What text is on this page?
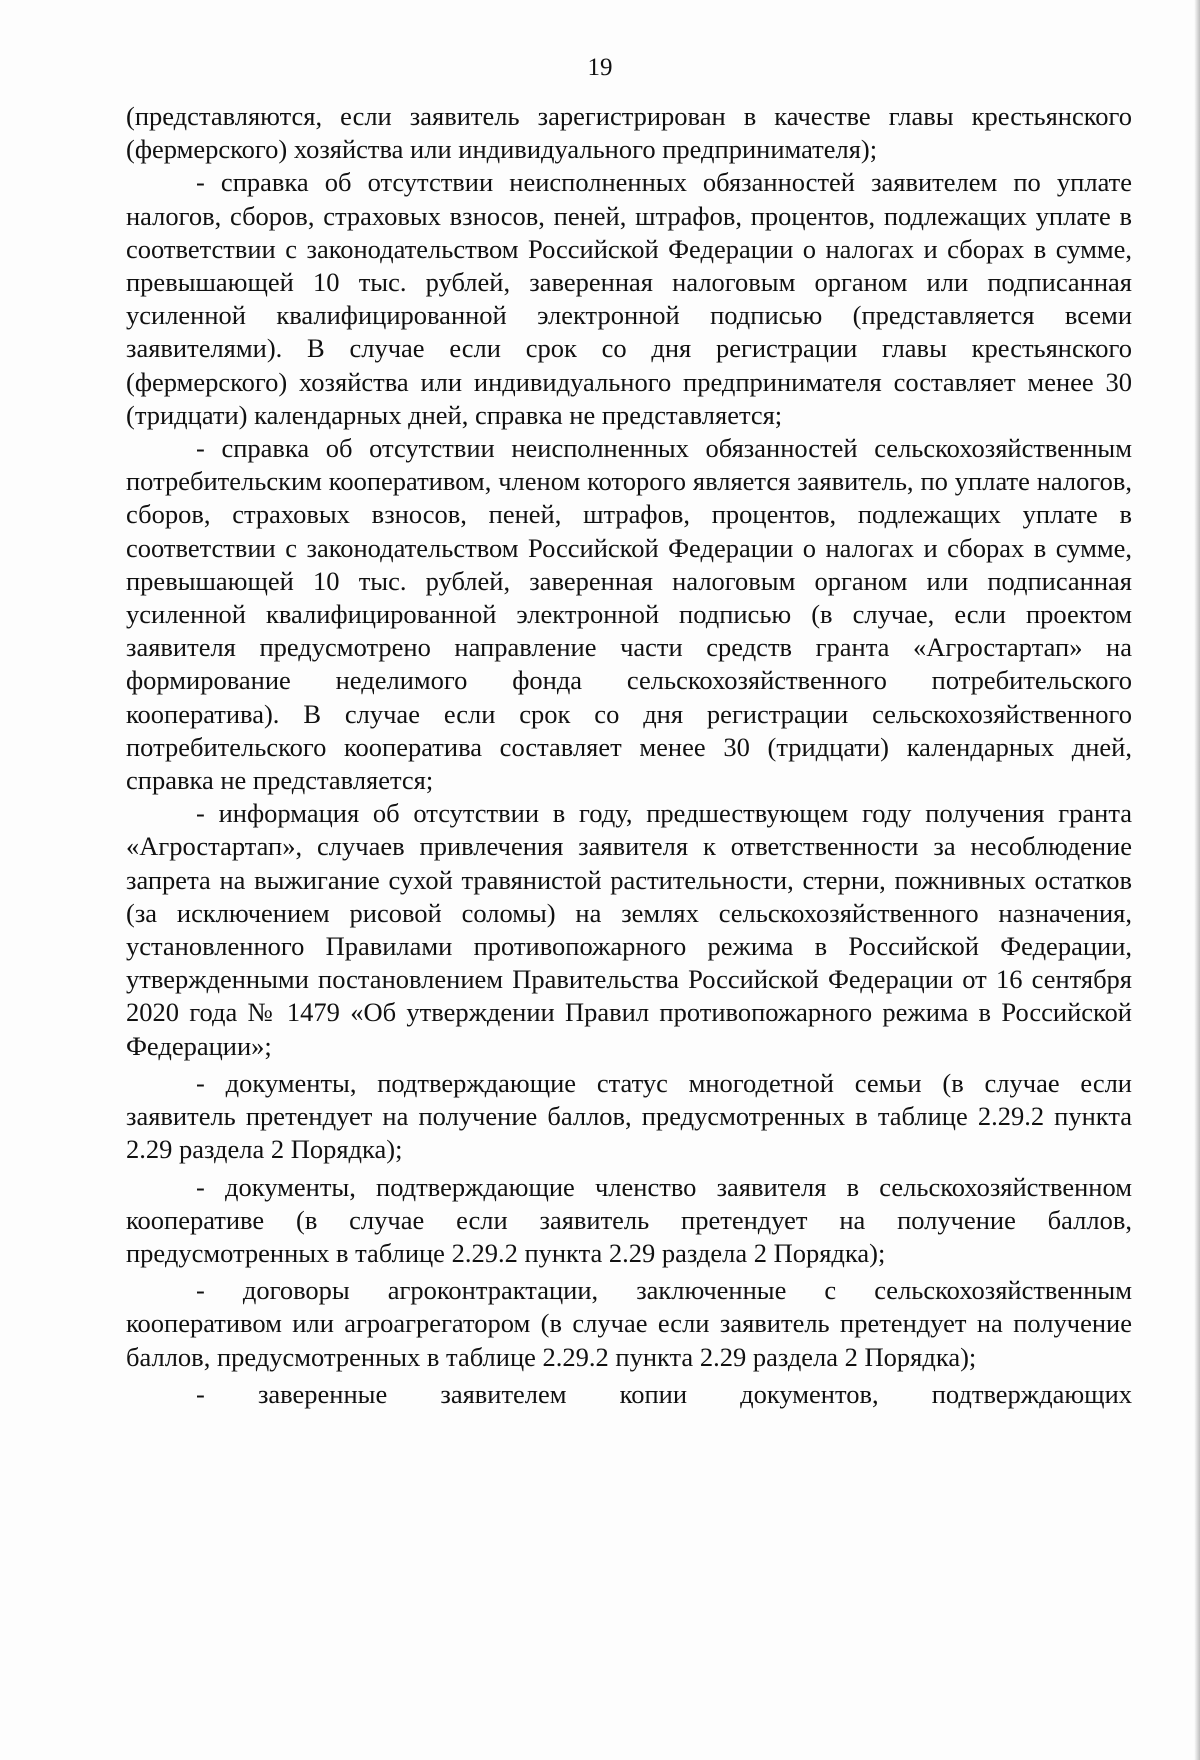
19

(представляются, если заявитель зарегистрирован в качестве главы крестьянского (фермерского) хозяйства или индивидуального предпринимателя);

- справка об отсутствии неисполненных обязанностей заявителем по уплате налогов, сборов, страховых взносов, пеней, штрафов, процентов, подлежащих уплате в соответствии с законодательством Российской Федерации о налогах и сборах в сумме, превышающей 10 тыс. рублей, заверенная налоговым органом или подписанная усиленной квалифицированной электронной подписью (представляется всеми заявителями). В случае если срок со дня регистрации главы крестьянского (фермерского) хозяйства или индивидуального предпринимателя составляет менее 30 (тридцати) календарных дней, справка не представляется;

- справка об отсутствии неисполненных обязанностей сельскохозяйственным потребительским кооперативом, членом которого является заявитель, по уплате налогов, сборов, страховых взносов, пеней, штрафов, процентов, подлежащих уплате в соответствии с законодательством Российской Федерации о налогах и сборах в сумме, превышающей 10 тыс. рублей, заверенная налоговым органом или подписанная усиленной квалифицированной электронной подписью (в случае, если проектом заявителя предусмотрено направление части средств гранта «Агростартап» на формирование неделимого фонда сельскохозяйственного потребительского кооператива). В случае если срок со дня регистрации сельскохозяйственного потребительского кооператива составляет менее 30 (тридцати) календарных дней, справка не представляется;

- информация об отсутствии в году, предшествующем году получения гранта «Агростартап», случаев привлечения заявителя к ответственности за несоблюдение запрета на выжигание сухой травянистой растительности, стерни, пожнивных остатков (за исключением рисовой соломы) на землях сельскохозяйственного назначения, установленного Правилами противопожарного режима в Российской Федерации, утвержденными постановлением Правительства Российской Федерации от 16 сентября 2020 года № 1479 «Об утверждении Правил противопожарного режима в Российской Федерации»;

- документы, подтверждающие статус многодетной семьи (в случае если заявитель претендует на получение баллов, предусмотренных в таблице 2.29.2 пункта 2.29 раздела 2 Порядка);

- документы, подтверждающие членство заявителя в сельскохозяйственном кооперативе (в случае если заявитель претендует на получение баллов, предусмотренных в таблице 2.29.2 пункта 2.29 раздела 2 Порядка);

- договоры агроконтрактации, заключенные с сельскохозяйственным кооперативом или агроагрегатором (в случае если заявитель претендует на получение баллов, предусмотренных в таблице 2.29.2 пункта 2.29 раздела 2 Порядка);

- заверенные заявителем копии документов, подтверждающих
